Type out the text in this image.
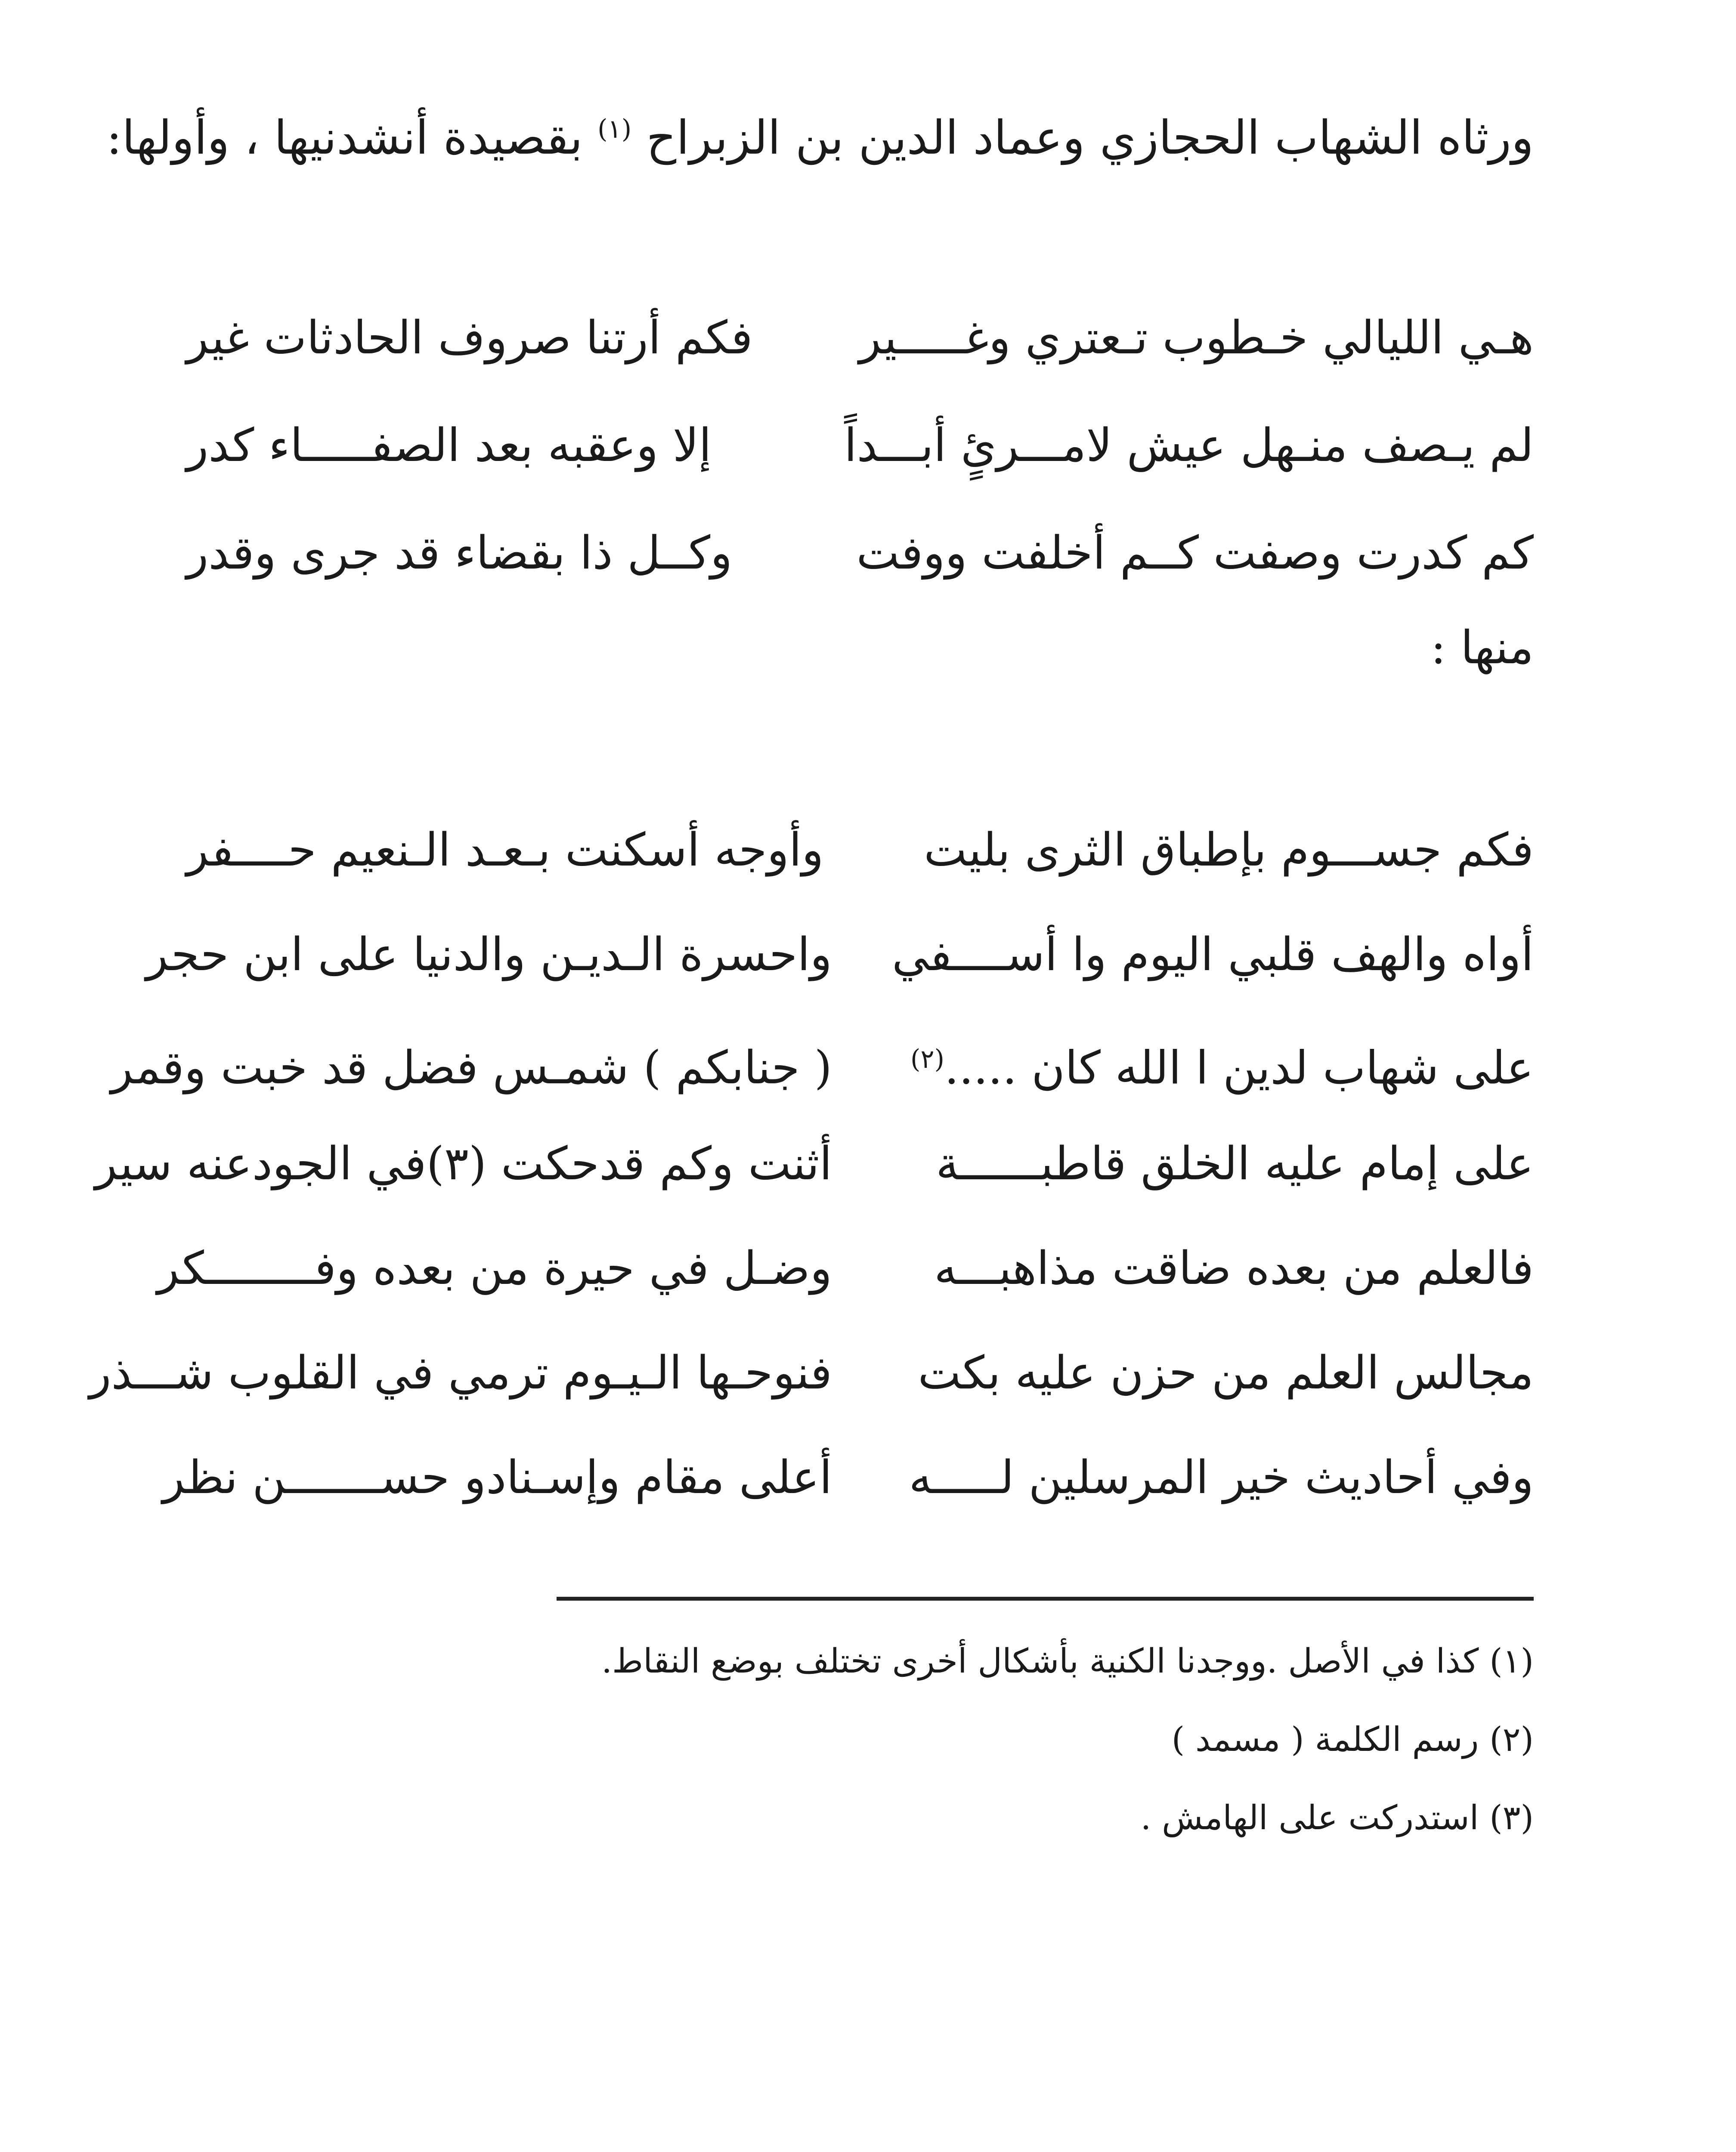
ورثاه الشهاب الحجازي وعماد الدين بن الزبراح $^{(١)}$ بقصيدة أنشدنيها ، وأولها:
هـي الليالي خـطوب تـعتري وغـــــير
فكم أرتنا صروف الحادثات غير
لم يـصف منـهل عيش لامـــرئٍ أبـــداً
إلا وعقبه بعد الصفـــــاء كدر
كم كدرت وصفت كــم أخلفت ووفت
وكــل ذا بقضاء قد جرى وقدر
منها :
فكم جســـوم بإطباق الثرى بليت
وأوجه أسكنت بـعـد الـنعيم حــــفر
أواه والهف قلبي اليوم وا أســــفي
واحسرة الـديـن والدنيا على ابن حجر
على شهاب لدين ا الله كان .....$^{(٢)}$
( جنابكم ) شمـس فضل قد خبت وقمر
على إمام عليه الخلق قاطبــــــة
أثنت وكم قدحكت (٣)في الجودعنه سير
فالعلم من بعده ضاقت مذاهبـــه
وضـل في حيرة من بعده وفــــــــكر
مجالس العلم من حزن عليه بكت
فنوحـها الـيـوم ترمي في القلوب شـــذر
وفي أحاديث خير المرسلين لـــــه
أعلى مقام وإسـنادو حســـــــن نظر
(١) كذا في الأصل .ووجدنا الكنية بأشكال أخرى تختلف بوضع النقاط.
(٢) رسم الكلمة ( مسمد )
(٣) استدركت على الهامش .
